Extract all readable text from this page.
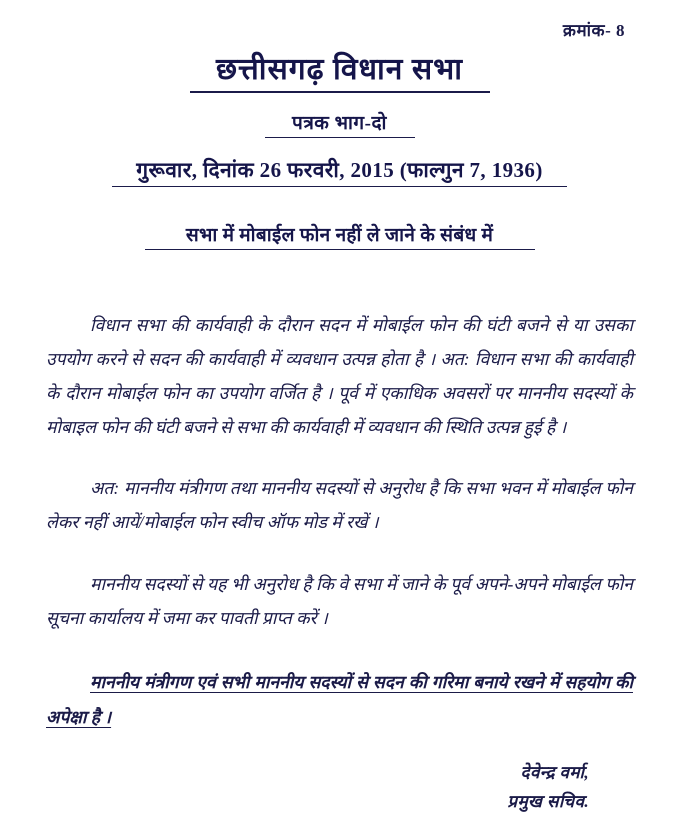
क्रमांक- 8
छत्तीसगढ़ विधान सभा
पत्रक भाग-दो
गुरूवार, दिनांक 26 फरवरी, 2015 (फाल्गुन 7, 1936)
सभा में मोबाईल फोन नहीं ले जाने के संबंध में

विधान सभा की कार्यवाही के दौरान सदन में मोबाईल फोन की घंटी बजने से या उसका उपयोग करने से सदन की कार्यवाही में व्यवधान उत्पन्न होता है । अत: विधान सभा की कार्यवाही के दौरान मोबाईल फोन का उपयोग वर्जित है । पूर्व में एकाधिक अवसरों पर माननीय सदस्यों के मोबाइल फोन की घंटी बजने से सभा की कार्यवाही में व्यवधान की स्थिति उत्पन्न हुई है ।

अत: माननीय मंत्रीगण तथा माननीय सदस्यों से अनुरोध है कि सभा भवन में मोबाईल फोन लेकर नहीं आयें/मोबाईल फोन स्वीच ऑफ मोड में रखें ।

माननीय सदस्यों से यह भी अनुरोध है कि वे सभा में जाने के पूर्व अपने-अपने मोबाईल फोन सूचना कार्यालय में जमा कर पावती प्राप्त करें ।

माननीय मंत्रीगण एवं सभी माननीय सदस्यों से सदन की गरिमा बनाये रखने में सहयोग की अपेक्षा है ।

देवेन्द्र वर्मा,
प्रमुख सचिव.
